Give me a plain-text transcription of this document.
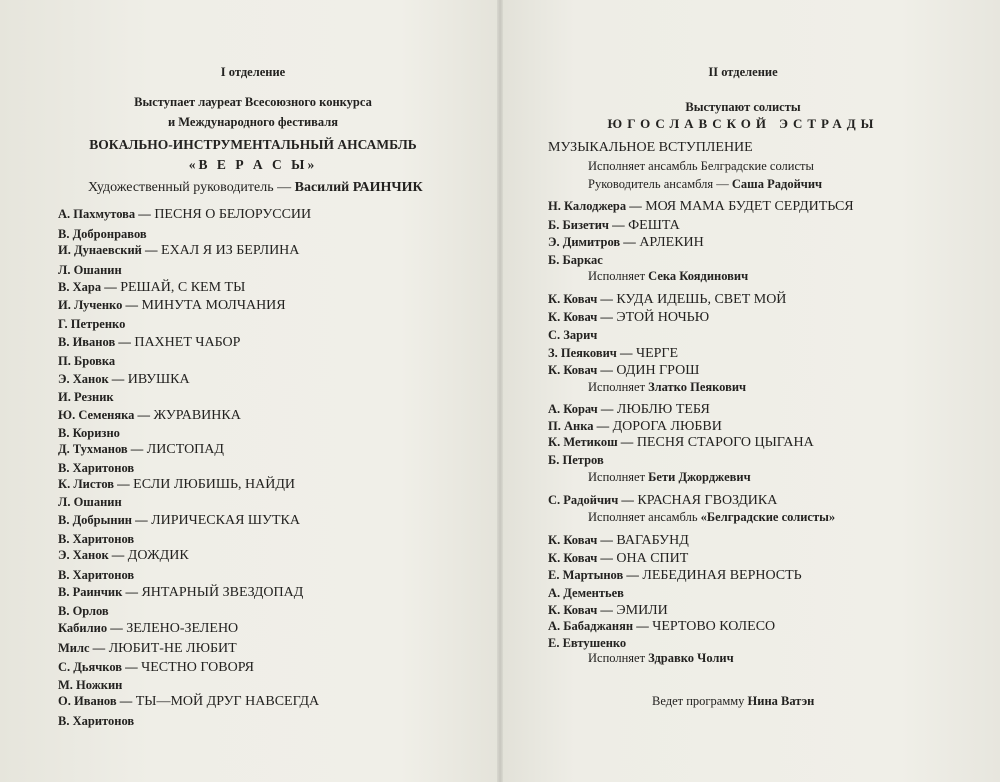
I отделение
Выступает лауреат Всесоюзного конкурса
и Международного фестиваля
ВОКАЛЬНО-ИНСТРУМЕНТАЛЬНЫЙ АНСАМБЛЬ
«В Е Р А С Ы»
Художественный руководитель — Василий РАИНЧИК
А. Пахмутова — ПЕСНЯ О БЕЛОРУССИИ
В. Добронравов
И. Дунаевский — ЕХАЛ Я ИЗ БЕРЛИНА
Л. Ошанин
В. Хара — РЕШАЙ, С КЕМ ТЫ
И. Лученко — МИНУТА МОЛЧАНИЯ
Г. Петренко
В. Иванов — ПАХНЕТ ЧАБОР
П. Бровка
Э. Ханок — ИВУШКА
И. Резник
Ю. Семеняка — ЖУРАВИНКА
В. Коризно
Д. Тухманов — ЛИСТОПАД
В. Харитонов
К. Листов — ЕСЛИ ЛЮБИШЬ, НАЙДИ
Л. Ошанин
В. Добрынин — ЛИРИЧЕСКАЯ ШУТКА
В. Харитонов
Э. Ханок — ДОЖДИК
В. Харитонов
В. Раинчик — ЯНТАРНЫЙ ЗВЕЗДОПАД
В. Орлов
Кабилио — ЗЕЛЕНО-ЗЕЛЕНО
Милс — ЛЮБИТ-НЕ ЛЮБИТ
С. Дьячков — ЧЕСТНО ГОВОРЯ
М. Ножкин
О. Иванов — ТЫ—МОЙ ДРУГ НАВСЕГДА
В. Харитонов
II отделение
Выступают солисты
ЮГОСЛАВСКОЙ ЭСТРАДЫ
МУЗЫКАЛЬНОЕ ВСТУПЛЕНИЕ
Исполняет ансамбль Белградские солисты
Руководитель ансамбля — Саша Радойчич
Н. Калоджера — МОЯ МАМА БУДЕТ СЕРДИТЬСЯ
Б. Бизетич — ФЕШТА
Э. Димитров — АРЛЕКИН
Б. Баркас
Исполняет Сека Коядинович
К. Ковач — КУДА ИДЕШЬ, СВЕТ МОЙ
К. Ковач — ЭТОЙ НОЧЬЮ
С. Зарич
З. Пеякович — ЧЕРГЕ
К. Ковач — ОДИН ГРОШ
Исполняет Златко Пеякович
А. Корач — ЛЮБЛЮ ТЕБЯ
П. Анка — ДОРОГА ЛЮБВИ
К. Метикош — ПЕСНЯ СТАРОГО ЦЫГАНА
Б. Петров
Исполняет Бети Джорджевич
С. Радойчич — КРАСНАЯ ГВОЗДИКА
Исполняет ансамбль «Белградские солисты»
К. Ковач — ВАГАБУНД
К. Ковач — ОНА СПИТ
Е. Мартынов — ЛЕБЕДИНАЯ ВЕРНОСТЬ
А. Дементьев
К. Ковач — ЭМИЛИ
А. Бабаджанян — ЧЕРТОВО КОЛЕСО
Е. Евтушенко
Исполняет Здравко Чолич
Ведет программу Нина Ватэн
